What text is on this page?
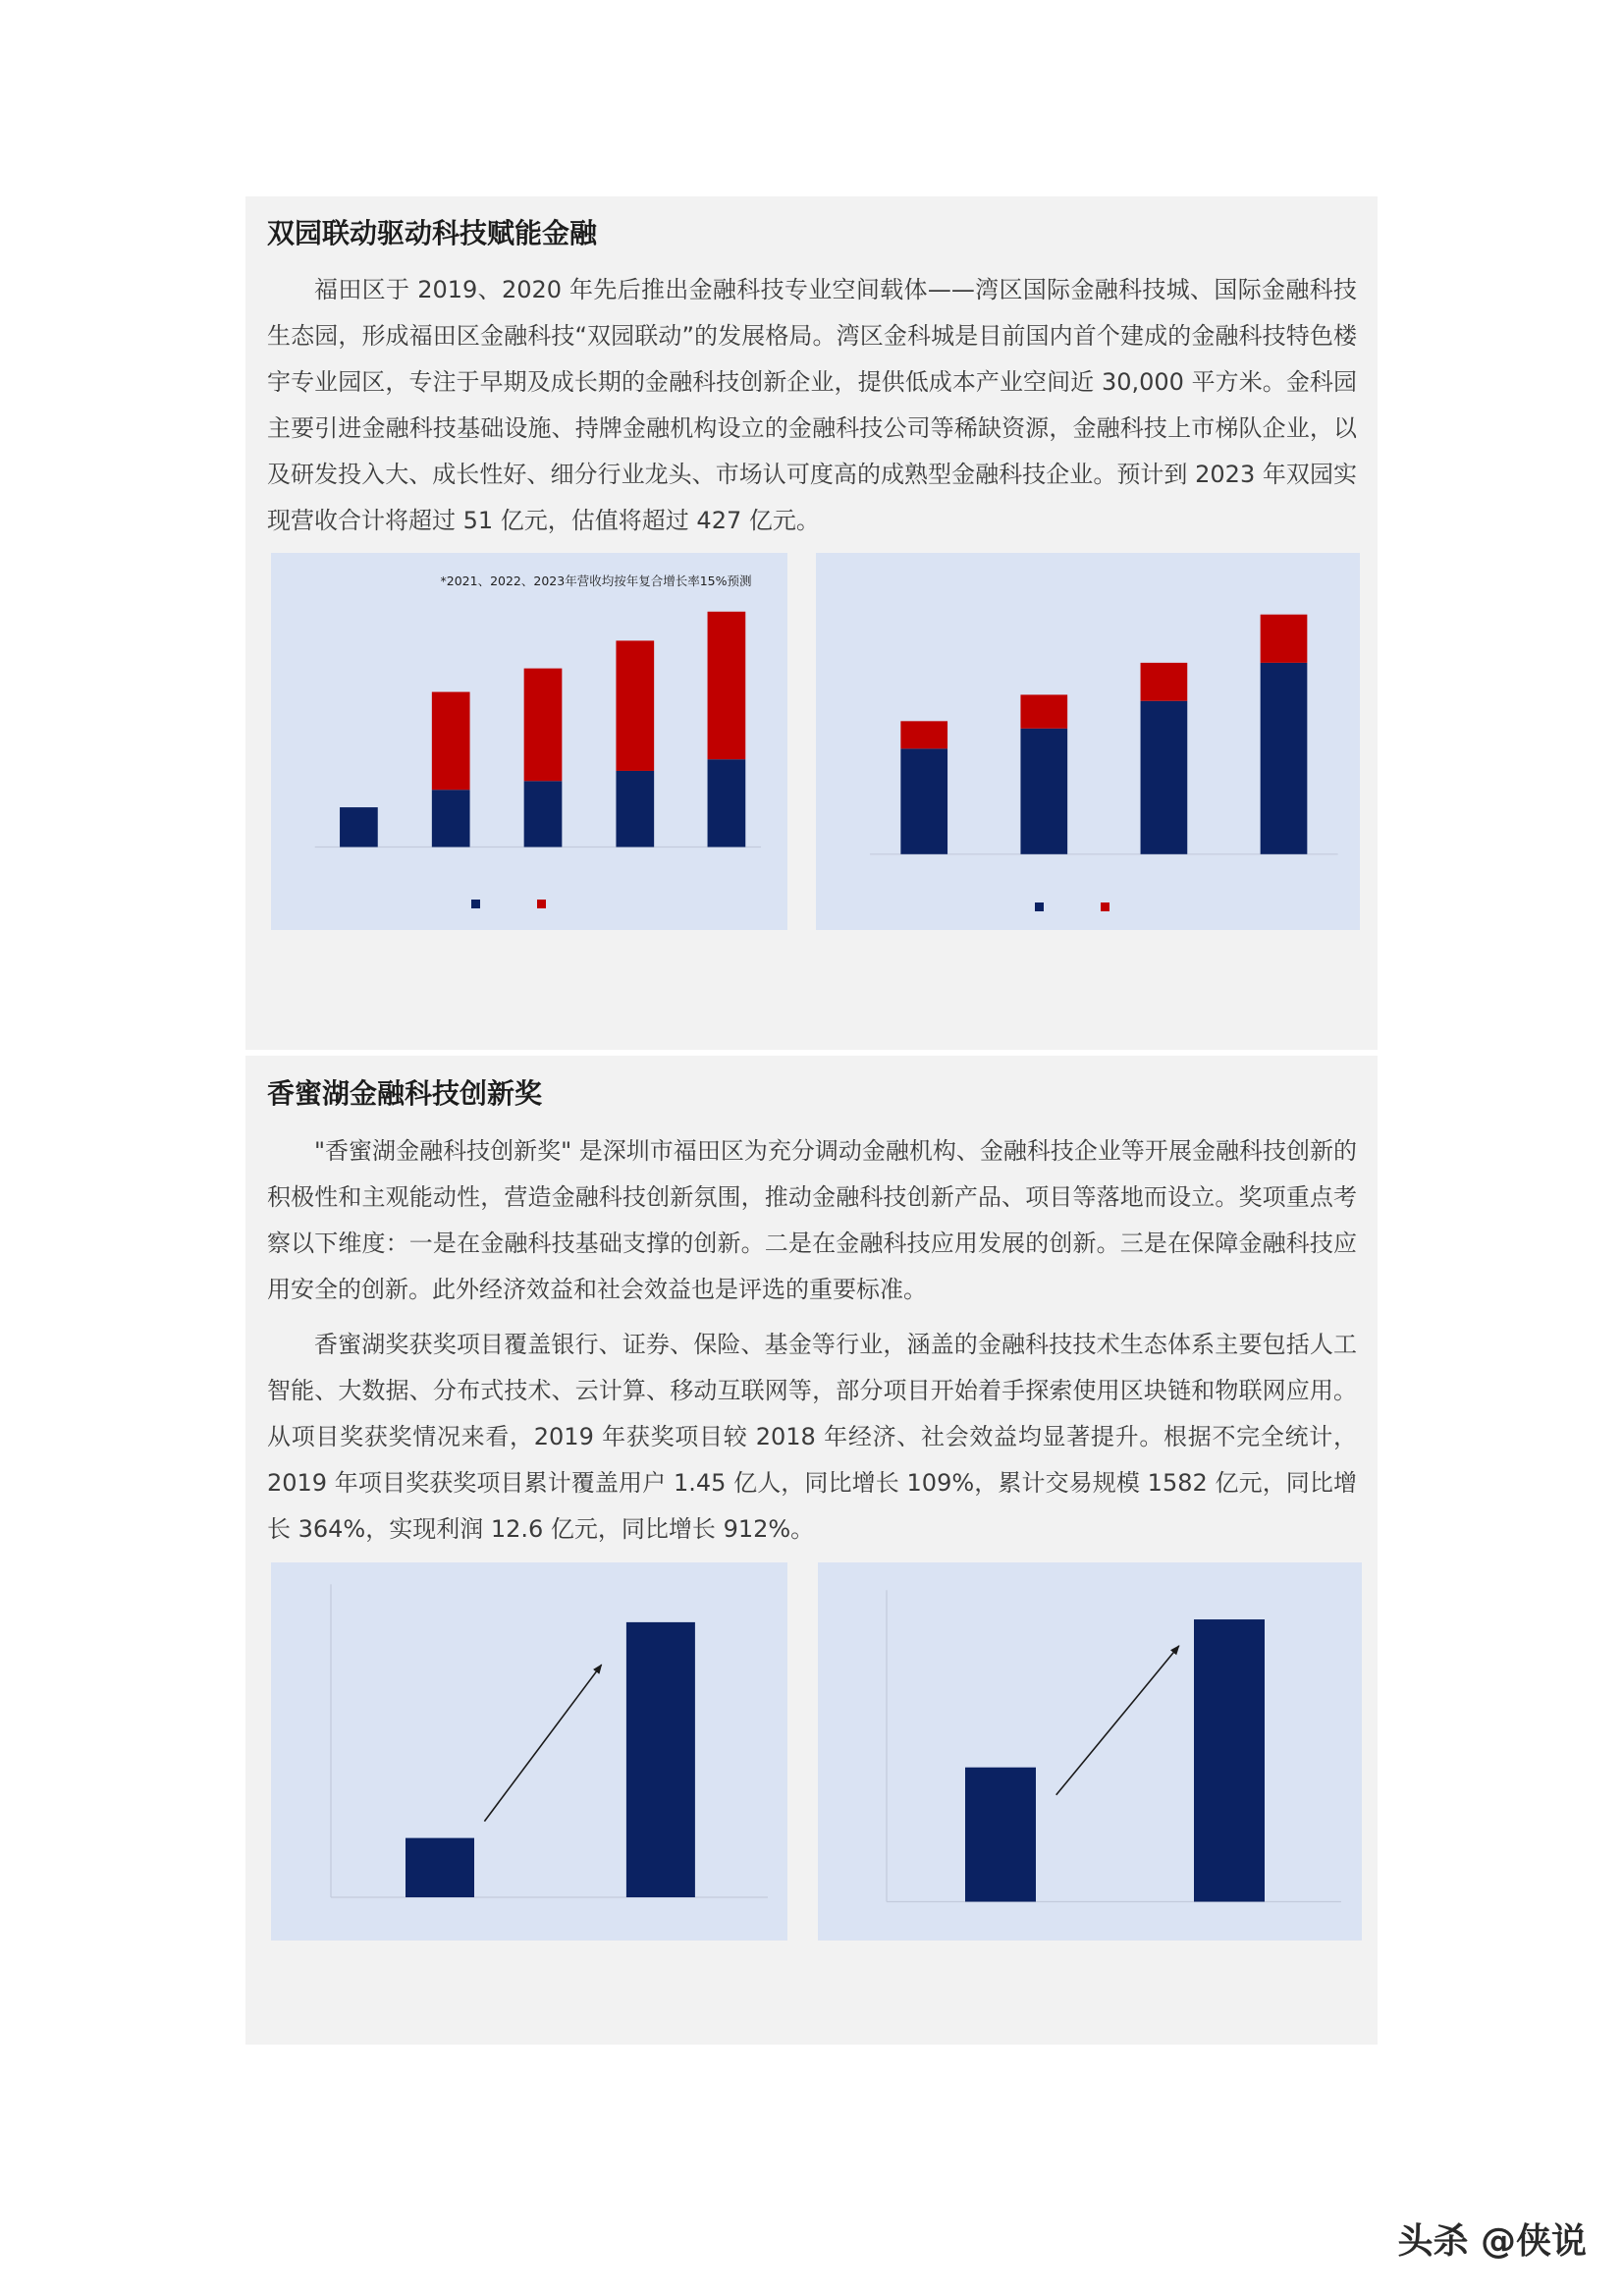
双园联动驱动科技赋能金融

福田区于 2019、2020 年先后推出金融科技专业空间载体——湾区国际金融科技城、国际金融科技生态园，形成福田区金融科技“双园联动”的发展格局。湾区金科城是目前国内首个建成的金融科技特色楼宇专业园区，专注于早期及成长期的金融科技创新企业，提供低成本产业空间近 30,000 平方米。金科园主要引进金融科技基础设施、持牌金融机构设立的金融科技公司等稀缺资源，金融科技上市梯队企业，以及研发投入大、成长性好、细分行业龙头、市场认可度高的成熟型金融科技企业。预计到 2023 年双园实现营收合计将超过 51 亿元，估值将超过 427 亿元。

*2021、2022、2023年营收均按年复合增长率15%预测
香蜜湖金融科技创新奖

"香蜜湖金融科技创新奖" 是深圳市福田区为充分调动金融机构、金融科技企业等开展金融科技创新的积极性和主观能动性，营造金融科技创新氛围，推动金融科技创新产品、项目等落地而设立。奖项重点考察以下维度：一是在金融科技基础支撑的创新。二是在金融科技应用发展的创新。三是在保障金融科技应用安全的创新。此外经济效益和社会效益也是评选的重要标准。

香蜜湖奖获奖项目覆盖银行、证券、保险、基金等行业，涵盖的金融科技技术生态体系主要包括人工智能、大数据、分布式技术、云计算、移动互联网等，部分项目开始着手探索使用区块链和物联网应用。从项目奖获奖情况来看，2019 年获奖项目较 2018 年经济、社会效益均显著提升。根据不完全统计，2019 年项目奖获奖项目累计覆盖用户 1.45 亿人，同比增长 109%，累计交易规模 1582 亿元，同比增长 364%，实现利润 12.6 亿元，同比增长 912%。

头杀 @侠说
